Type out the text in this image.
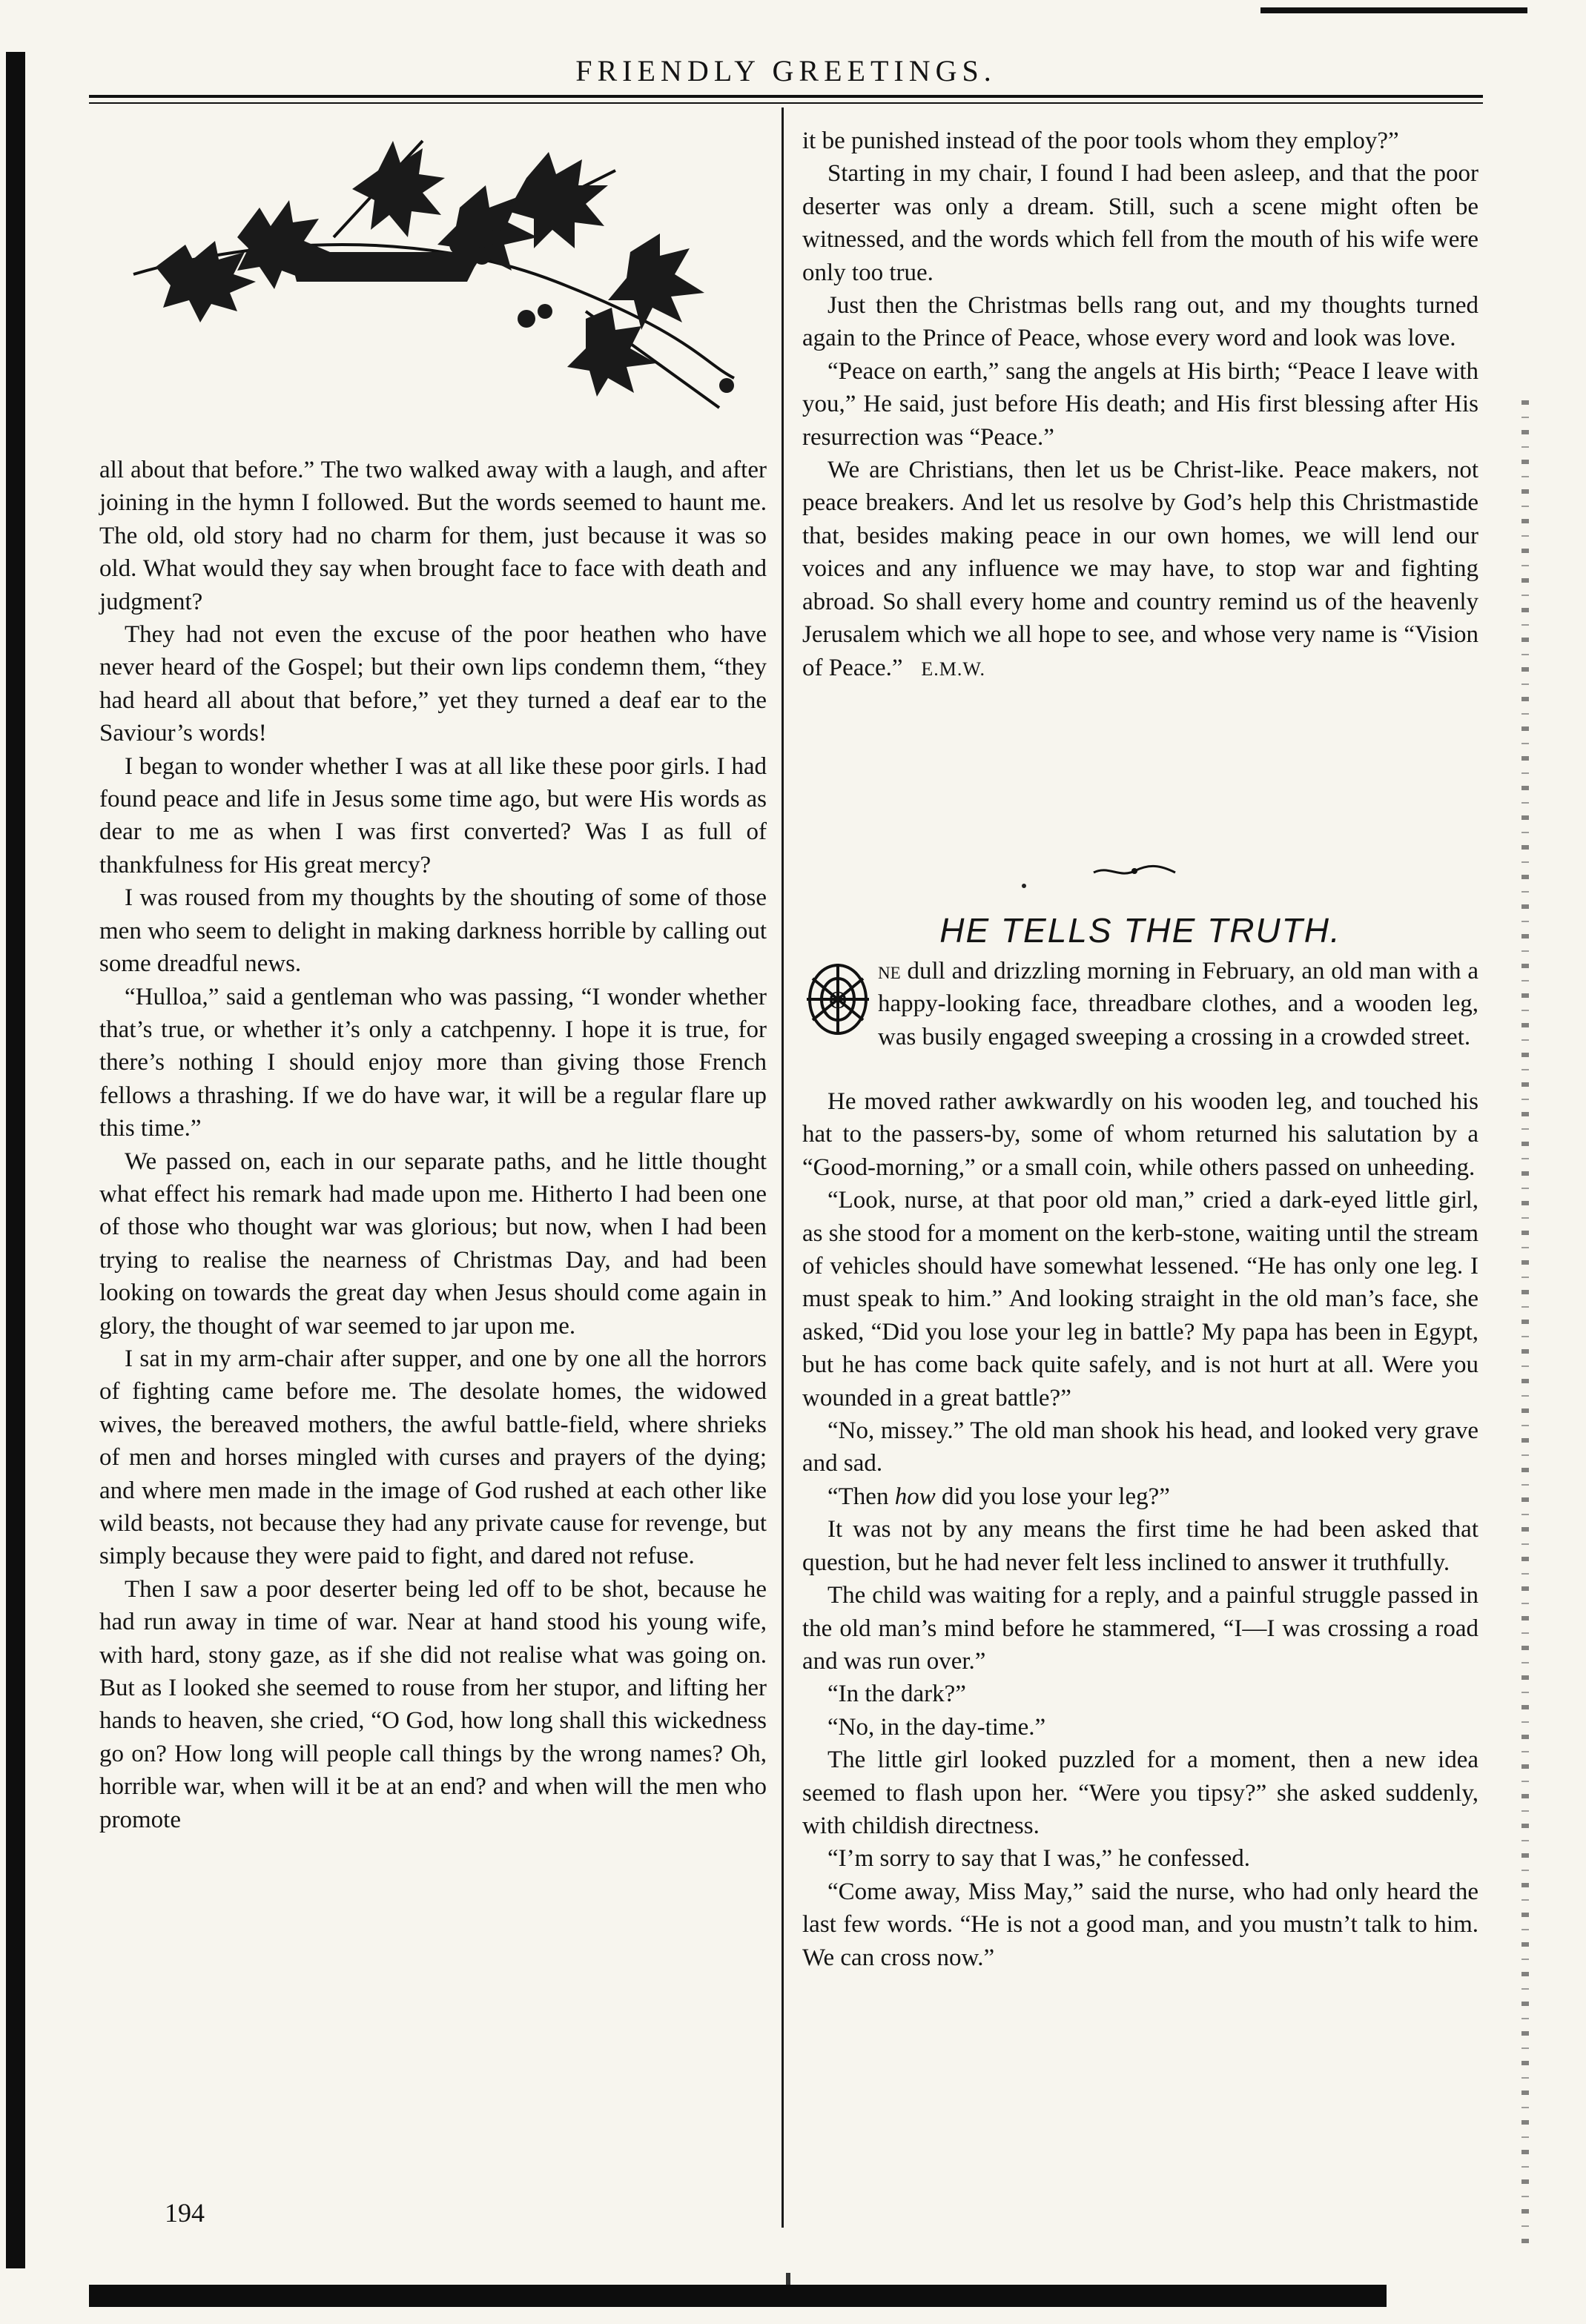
FRIENDLY GREETINGS.

all about that before.” The two walked away with a laugh, and after joining in the hymn I followed. But the words seemed to haunt me. The old, old story had no charm for them, just because it was so old. What would they say when brought face to face with death and judgment?

They had not even the excuse of the poor heathen who have never heard of the Gospel; but their own lips condemn them, “they had heard all about that before,” yet they turned a deaf ear to the Saviour’s words!

I began to wonder whether I was at all like these poor girls. I had found peace and life in Jesus some time ago, but were His words as dear to me as when I was first converted? Was I as full of thankfulness for His great mercy?

I was roused from my thoughts by the shouting of some of those men who seem to delight in making darkness horrible by calling out some dreadful news.

“Hulloa,” said a gentleman who was passing, “I wonder whether that’s true, or whether it’s only a catchpenny. I hope it is true, for there’s nothing I should enjoy more than giving those French fellows a thrashing. If we do have war, it will be a regular flare up this time.”

We passed on, each in our separate paths, and he little thought what effect his remark had made upon me. Hitherto I had been one of those who thought war was glorious; but now, when I had been trying to realise the nearness of Christmas Day, and had been looking on towards the great day when Jesus should come again in glory, the thought of war seemed to jar upon me.

I sat in my arm-chair after supper, and one by one all the horrors of fighting came before me. The desolate homes, the widowed wives, the bereaved mothers, the awful battle-field, where shrieks of men and horses mingled with curses and prayers of the dying; and where men made in the image of God rushed at each other like wild beasts, not because they had any private cause for revenge, but simply because they were paid to fight, and dared not refuse.

Then I saw a poor deserter being led off to be shot, because he had run away in time of war. Near at hand stood his young wife, with hard, stony gaze, as if she did not realise what was going on. But as I looked she seemed to rouse from her stupor, and lifting her hands to heaven, she cried, “O God, how long shall this wickedness go on? How long will people call things by the wrong names? Oh, horrible war, when will it be at an end? and when will the men who promote

it be punished instead of the poor tools whom they employ?”

Starting in my chair, I found I had been asleep, and that the poor deserter was only a dream. Still, such a scene might often be witnessed, and the words which fell from the mouth of his wife were only too true.

Just then the Christmas bells rang out, and my thoughts turned again to the Prince of Peace, whose every word and look was love.

“Peace on earth,” sang the angels at His birth; “Peace I leave with you,” He said, just before His death; and His first blessing after His resurrection was “Peace.”

We are Christians, then let us be Christ-like. Peace makers, not peace breakers. And let us resolve by God’s help this Christmastide that, besides making peace in our own homes, we will lend our voices and any influence we may have, to stop war and fighting abroad. So shall every home and country remind us of the heavenly Jerusalem which we all hope to see, and whose very name is “Vision of Peace.” E.M.W.

HE TELLS THE TRUTH.
O

ne dull and drizzling morning in February, an old man with a happy-looking face, threadbare clothes, and a wooden leg, was busily engaged sweeping a crossing in a crowded street.

He moved rather awkwardly on his wooden leg, and touched his hat to the passers-by, some of whom returned his salutation by a “Good-morning,” or a small coin, while others passed on unheeding.

“Look, nurse, at that poor old man,” cried a dark-eyed little girl, as she stood for a moment on the kerb-stone, waiting until the stream of vehicles should have somewhat lessened. “He has only one leg. I must speak to him.” And looking straight in the old man’s face, she asked, “Did you lose your leg in battle? My papa has been in Egypt, but he has come back quite safely, and is not hurt at all. Were you wounded in a great battle?”

“No, missey.” The old man shook his head, and looked very grave and sad.

“Then how did you lose your leg?”

It was not by any means the first time he had been asked that question, but he had never felt less inclined to answer it truthfully.

The child was waiting for a reply, and a painful struggle passed in the old man’s mind before he stammered, “I—I was crossing a road and was run over.”

“In the dark?”

“No, in the day-time.”

The little girl looked puzzled for a moment, then a new idea seemed to flash upon her. “Were you tipsy?” she asked suddenly, with childish directness.

“I’m sorry to say that I was,” he confessed.

“Come away, Miss May,” said the nurse, who had only heard the last few words. “He is not a good man, and you mustn’t talk to him. We can cross now.”

194
